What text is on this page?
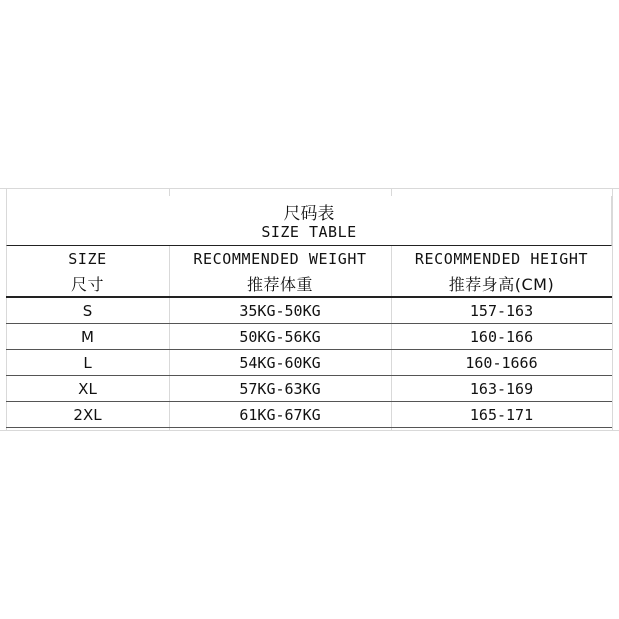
尺码表
SIZE TABLE
SIZE	RECOMMENDED WEIGHT	RECOMMENDED HEIGHT
尺寸	推荐体重	推荐身高(CM)
S	35KG-50KG	157-163
M	50KG-56KG	160-166
L	54KG-60KG	160-1666
XL	57KG-63KG	163-169
2XL	61KG-67KG	165-171
